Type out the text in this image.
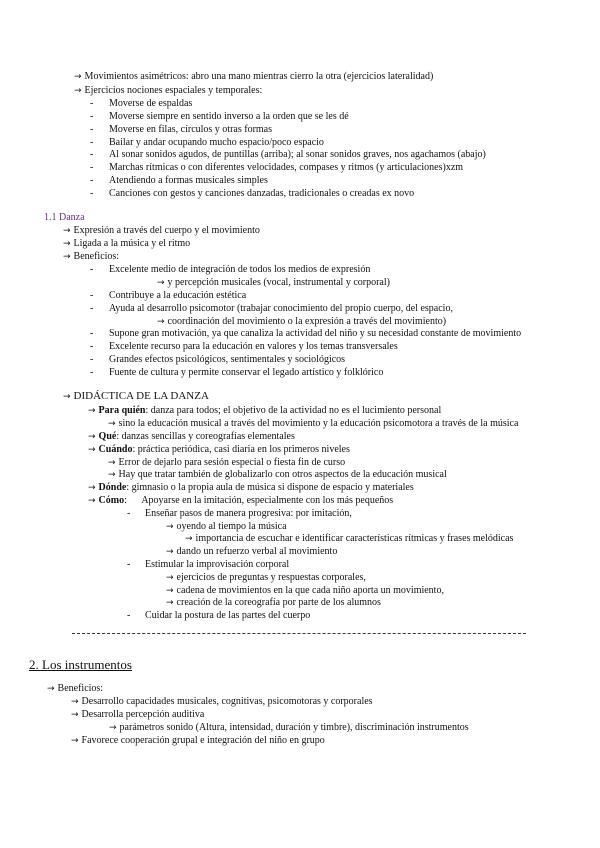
→ Movimientos asimétricos: abro una mano mientras cierro la otra (ejercicios lateralidad)
→ Ejercicios nociones espaciales y temporales:
- Moverse de espaldas
- Moverse siempre en sentido inverso a la orden que se les dé
- Moverse en filas, círculos y otras formas
- Bailar y andar ocupando mucho espacio/poco espacio
- Al sonar sonidos agudos, de puntillas (arriba); al sonar sonidos graves, nos agachamos (abajo)
- Marchas rítmicas o con diferentes velocidades, compases y ritmos (y articulaciones)xzm
- Atendiendo a formas musicales simples
- Canciones con gestos y canciones danzadas, tradicionales o creadas ex novo
1.1 Danza
→ Expresión a través del cuerpo y el movimiento
→ Ligada a la música y el ritmo
→ Beneficios:
- Excelente medio de integración de todos los medios de expresión
→ y percepción musicales (vocal, instrumental y corporal)
- Contribuye a la educación estética
- Ayuda al desarrollo psicomotor (trabajar conocimiento del propio cuerpo, del espacio,
→ coordinación del movimiento o la expresión a través del movimiento)
- Supone gran motivación, ya que canaliza la actividad del niño y su necesidad constante de movimiento
- Excelente recurso para la educación en valores y los temas transversales
- Grandes efectos psicológicos, sentimentales y sociológicos
- Fuente de cultura y permite conservar el legado artístico y folklórico
→ DIDÁCTICA DE LA DANZA
→ Para quién: danza para todos; el objetivo de la actividad no es el lucimiento personal
→ sino la educación musical a través del movimiento y la educación psicomotora a través de la música
→ Qué: danzas sencillas y coreografías elementales
→ Cuándo: práctica periódica, casi diaria en los primeros niveles
→ Error de dejarlo para sesión especial o fiesta fin de curso
→ Hay que tratar también de globalizarlo con otros aspectos de la educación musical
→ Dónde: gimnasio o la propia aula de música si dispone de espacio y materiales
→ Cómo:      Apoyarse en la imitación, especialmente con los más pequeños
- Enseñar pasos de manera progresiva: por imitación,
→ oyendo al tiempo la música
→ importancia de escuchar e identificar características rítmicas y frases melódicas
→ dando un refuerzo verbal al movimiento
- Estimular la improvisación corporal
→ ejercicios de preguntas y respuestas corporales,
→ cadena de movimientos en la que cada niño aporta un movimiento,
→ creación de la coreografía por parte de los alumnos
- Cuidar la postura de las partes del cuerpo
2. Los instrumentos
→ Beneficios:
→ Desarrollo capacidades musicales, cognitivas, psicomotoras y corporales
→ Desarrolla percepción auditiva
→ parámetros sonido (Altura, intensidad, duración y timbre), discriminación instrumentos
→ Favorece cooperación grupal e integración del niño en grupo
